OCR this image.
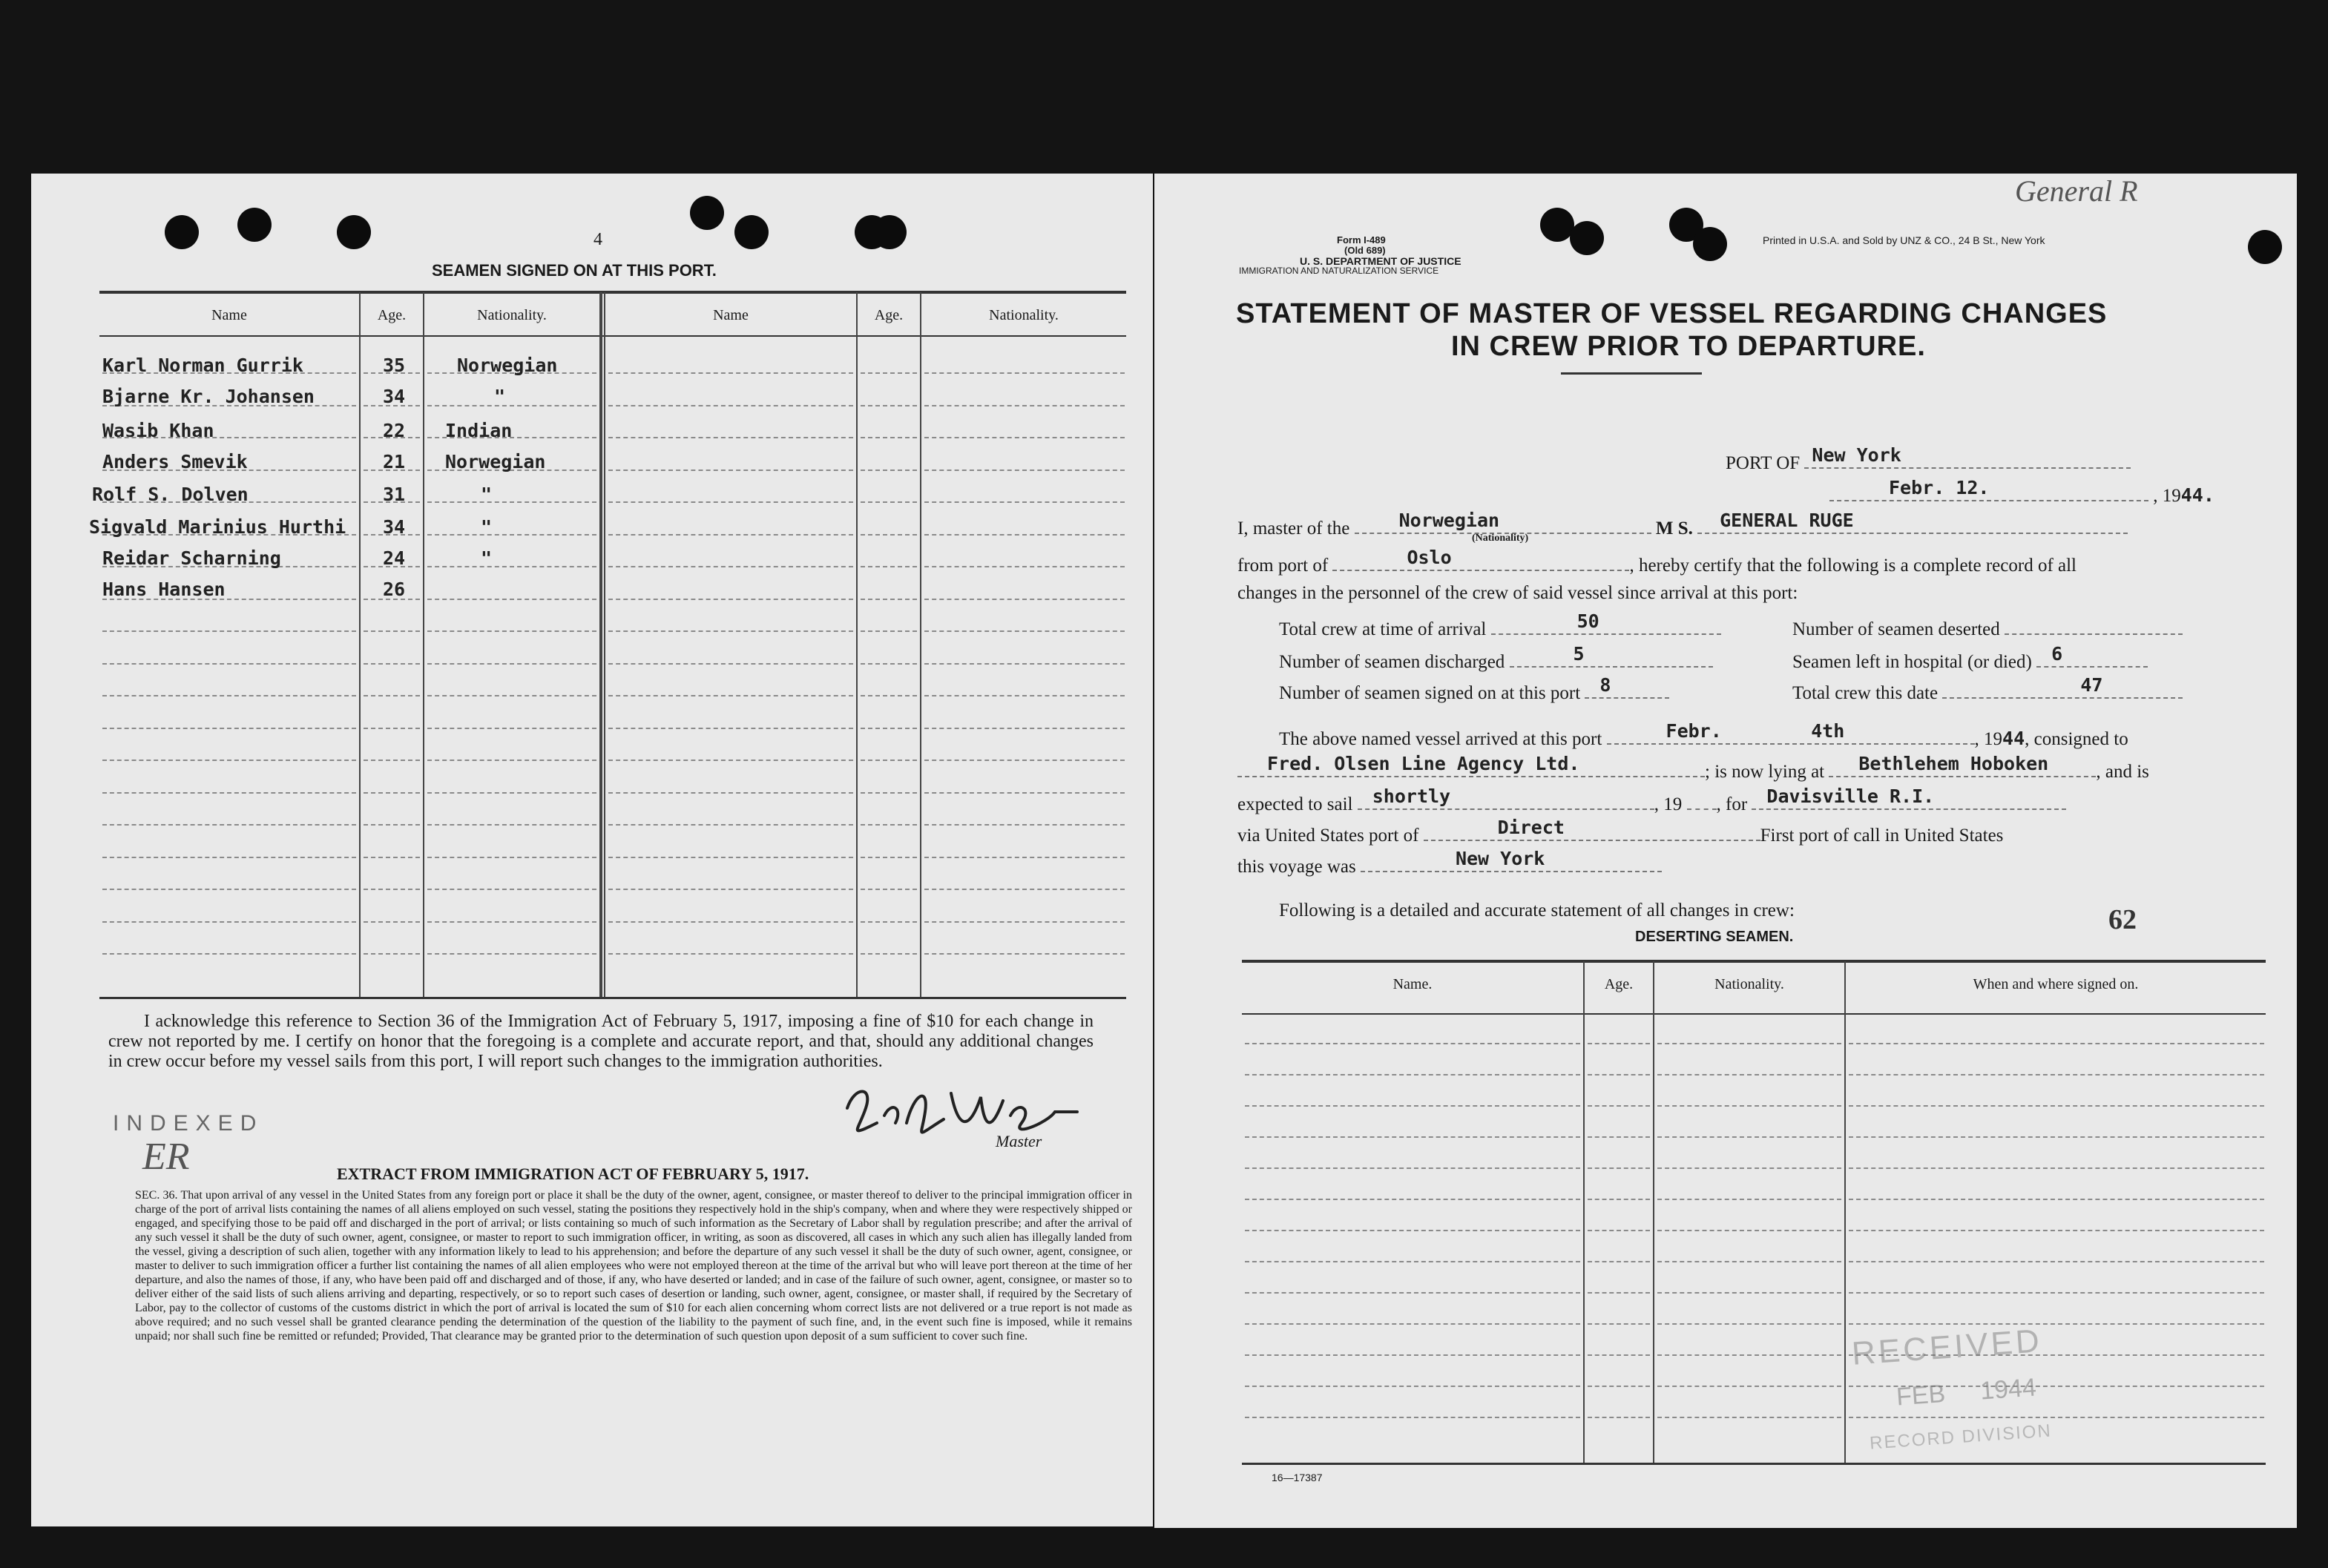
4
SEAMEN SIGNED ON AT THIS PORT.
Name	Age.	Nationality.	Name	Age.	Nationality.
Karl Norman Gurrik	35	Norwegian
Bjarne Kr. Johansen	34	"
Wasib Khan	22 Indian
Anders Smevik	21 Norwegian
Rolf S. Dolven	31	"
Sigvald Marinius Hurthi 34	"
Reidar Scharning	24	"
Hans Hansen	26
I acknowledge this reference to Section 36 of the Immigration Act of February 5, 1917, imposing a fine of $10 for each change in crew not reported by me. I certify on honor that the foregoing is a complete and accurate report, and that, should any additional changes in crew occur before my vessel sails from this port, I will report such changes to the immigration authorities.
INDEXED
ER	Master
EXTRACT FROM IMMIGRATION ACT OF FEBRUARY 5, 1917.
SEC. 36. That upon arrival of any vessel in the United States from any foreign port or place it shall be the duty of the owner, agent, consignee, or master thereof to deliver to the principal immigration officer in charge of the port of arrival lists containing the names of all aliens employed on such vessel, stating the positions they respectively hold in the ship's company, when and where they were respectively shipped or engaged, and specifying those to be paid off and discharged in the port of arrival; or lists containing so much of such information as the Secretary of Labor shall by regulation prescribe; and after the arrival of any such vessel it shall be the duty of such owner, agent, consignee, or master to report to such immigration officer, in writing, as soon as discovered, all cases in which any such alien has illegally landed from the vessel, giving a description of such alien, together with any information likely to lead to his apprehension; and before the departure of any such vessel it shall be the duty of such owner, agent, consignee, or master to deliver to such immigration officer a further list containing the names of all alien employees who were not employed thereon at the time of the arrival but who will leave port thereon at the time of her departure, and also the names of those, if any, who have been paid off and discharged and of those, if any, who have deserted or landed; and in case of the failure of such owner, agent, consignee, or master so to deliver either of the said lists of such aliens arriving and departing, respectively, or so to report such cases of desertion or landing, such owner, agent, consignee, or master shall, if required by the Secretary of Labor, pay to the collector of customs of the customs district in which the port of arrival is located the sum of $10 for each alien concerning whom correct lists are not delivered or a true report is not made as above required; and no such vessel shall be granted clearance pending the determination of the question of the liability to the payment of such fine, and, in the event such fine is imposed, while it remains unpaid; nor shall such fine be remitted or refunded; Provided, That clearance may be granted prior to the determination of such question upon deposit of a sum sufficient to cover such fine.
Form I-489
(Old 689)
U. S. DEPARTMENT OF JUSTICE
IMMIGRATION AND NATURALIZATION SERVICE
Printed in U.S.A. and Sold by UNZ & CO., 24 B St., New York
General R
STATEMENT OF MASTER OF VESSEL REGARDING CHANGES
IN CREW PRIOR TO DEPARTURE.
PORT OF New York
Febr. 12.	, 1944.
I, master of the	Norwegian	M S.	GENERAL RUGE
(Nationality)
from port of	Oslo	, hereby certify that the following is a complete record of all
changes in the personnel of the crew of said vessel since arrival at this port:
Total crew at time of arrival	50	Number of seamen deserted
Number of seamen discharged	5	Seamen left in hospital (or died)	6
Number of seamen signed on at this port	8	Total crew this date	47
The above named vessel arrived at this port	Febr.        4th	, 1944, consigned to
Fred. Olsen Line Agency Ltd.	; is now lying at	Bethlehem Hoboken	, and is
expected to sail	shortly	, 19 , for	Davisville R.I.
via United States port of	Direct	First port of call in United States
this voyage was	New York
Following is a detailed and accurate statement of all changes in crew:
DESERTING SEAMEN.
62
Name.	Age.	Nationality.	When and where signed on.
RECEIVED
FEB     1944
RECORD DIVISION
16—17387
